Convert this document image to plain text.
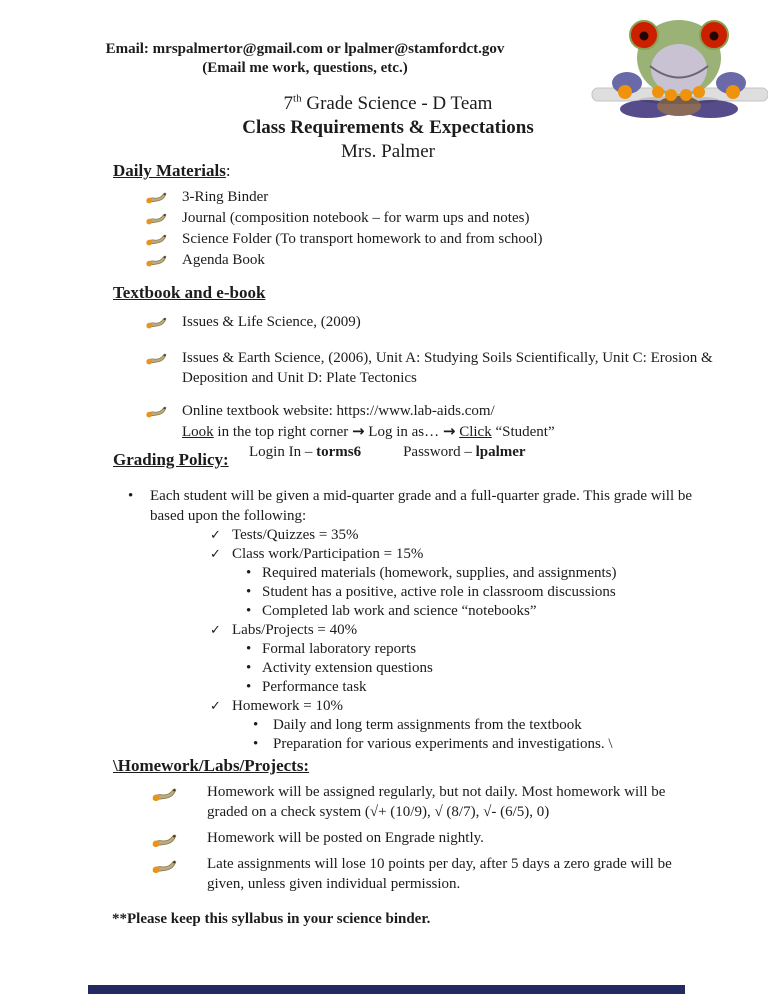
Email: mrspalmertor@gmail.com or lpalmer@stamfordct.gov
(Email me work, questions, etc.)
7th Grade Science - D Team
Class Requirements & Expectations
Mrs. Palmer
Daily Materials:
3-Ring Binder
Journal (composition notebook – for warm ups and notes)
Science Folder (To transport homework to and from school)
Agenda Book
Textbook and e-book
Issues & Life Science, (2009)
Issues & Earth Science, (2006), Unit A: Studying Soils Scientifically, Unit C: Erosion & Deposition and Unit D: Plate Tectonics
Online textbook website: https://www.lab-aids.com/
Look in the top right corner → Log in as… → Click “Student”
Login In – torms6	Password – lpalmer
Grading Policy:
•	Each student will be given a mid-quarter grade and a full-quarter grade. This grade will be based upon the following:
✓ Tests/Quizzes = 35%
✓ Class work/Participation = 15%
• Required materials (homework, supplies, and assignments)
• Student has a positive, active role in classroom discussions
• Completed lab work and science “notebooks”
✓ Labs/Projects = 40%
• Formal laboratory reports
• Activity extension questions
• Performance task
✓ Homework = 10%
• Daily and long term assignments from the textbook
• Preparation for various experiments and investigations. \
\Homework/Labs/Projects:
Homework will be assigned regularly, but not daily. Most homework will be graded on a check system (√+ (10/9), √ (8/7), √- (6/5), 0)
Homework will be posted on Engrade nightly.
Late assignments will lose 10 points per day, after 5 days a zero grade will be given, unless given individual permission.
**Please keep this syllabus in your science binder.
